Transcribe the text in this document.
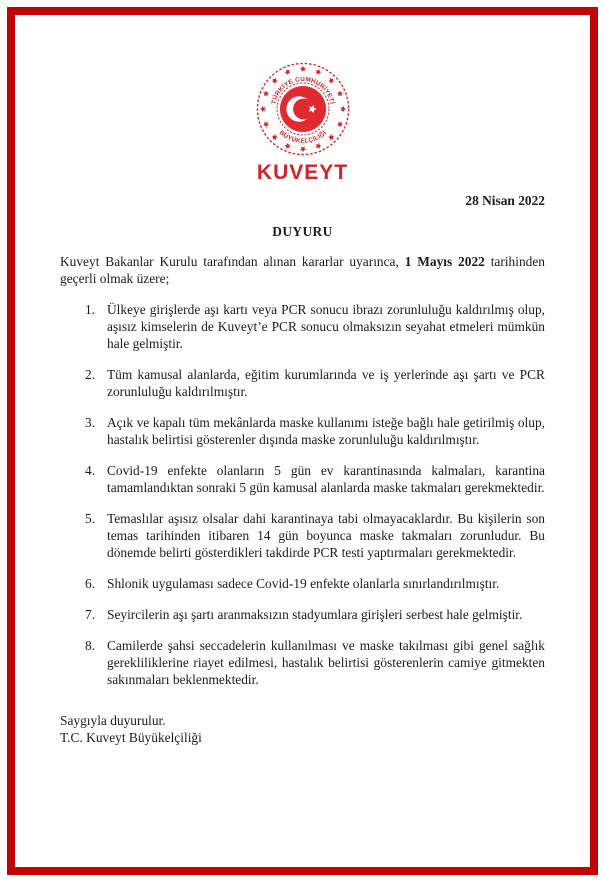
TÜRKİYE CUMHURİYETİ
BÜYÜKELÇİLİĞİ
KUVEYT
28 Nisan 2022
DUYURU
Kuveyt Bakanlar Kurulu tarafından alınan kararlar uyarınca, 1 Mayıs 2022 tarihinden geçerli olmak üzere;
1. Ülkeye girişlerde aşı kartı veya PCR sonucu ibrazı zorunluluğu kaldırılmış olup, aşısız kimselerin de Kuveyt’e PCR sonucu olmaksızın seyahat etmeleri mümkün hale gelmiştir.
2. Tüm kamusal alanlarda, eğitim kurumlarında ve iş yerlerinde aşı şartı ve PCR zorunluluğu kaldırılmıştır.
3. Açık ve kapalı tüm mekânlarda maske kullanımı isteğe bağlı hale getirilmiş olup, hastalık belirtisi gösterenler dışında maske zorunluluğu kaldırılmıştır.
4. Covid-19 enfekte olanların 5 gün ev karantinasında kalmaları, karantina tamamlandıktan sonraki 5 gün kamusal alanlarda maske takmaları gerekmektedir.
5. Temaslılar aşısız olsalar dahi karantinaya tabi olmayacaklardır. Bu kişilerin son temas tarihinden itibaren 14 gün boyunca maske takmaları zorunludur. Bu dönemde belirti gösterdikleri takdirde PCR testi yaptırmaları gerekmektedir.
6. Shlonik uygulaması sadece Covid-19 enfekte olanlarla sınırlandırılmıştır.
7. Seyircilerin aşı şartı aranmaksızın stadyumlara girişleri serbest hale gelmiştir.
8. Camilerde şahsi seccadelerin kullanılması ve maske takılması gibi genel sağlık gerekliliklerine riayet edilmesi, hastalık belirtisi gösterenlerin camiye gitmekten sakınmaları beklenmektedir.
Saygıyla duyurulur.
T.C. Kuveyt Büyükelçiliği
